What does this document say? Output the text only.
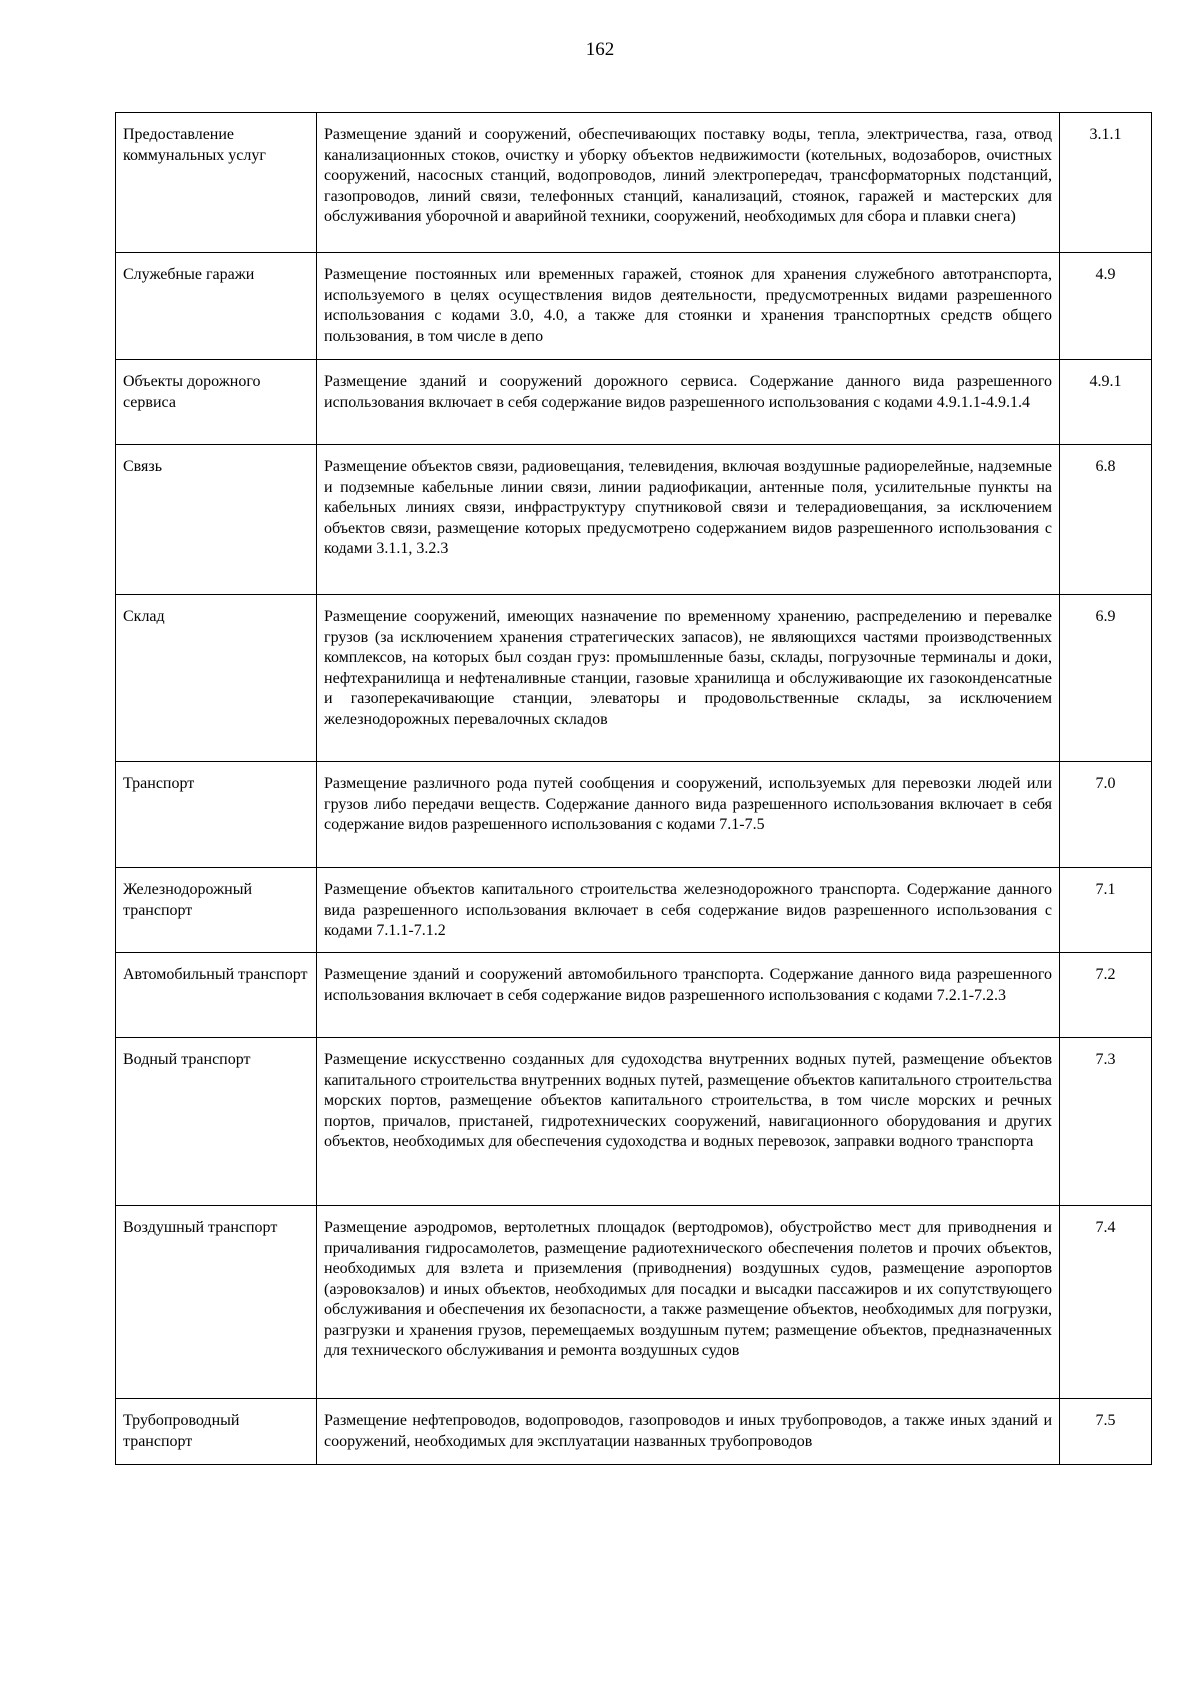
162
Предоставление коммунальных услуг	Размещение зданий и сооружений, обеспечивающих поставку воды, тепла, электричества, газа, отвод канализационных стоков, очистку и уборку объектов недвижимости (котельных, водозаборов, очистных сооружений, насосных станций, водопроводов, линий электропередач, трансформаторных подстанций, газопроводов, линий связи, телефонных станций, канализаций, стоянок, гаражей и мастерских для обслуживания уборочной и аварийной техники, сооружений, необходимых для сбора и плавки снега)	3.1.1
Служебные гаражи	Размещение постоянных или временных гаражей, стоянок для хранения служебного автотранспорта, используемого в целях осуществления видов деятельности, предусмотренных видами разрешенного использования с кодами 3.0, 4.0, а также для стоянки и хранения транспортных средств общего пользования, в том числе в депо	4.9
Объекты дорожного сервиса	Размещение зданий и сооружений дорожного сервиса. Содержание данного вида разрешенного использования включает в себя содержание видов разрешенного использования с кодами 4.9.1.1-4.9.1.4	4.9.1
Связь	Размещение объектов связи, радиовещания, телевидения, включая воздушные радиорелейные, надземные и подземные кабельные линии связи, линии радиофикации, антенные поля, усилительные пункты на кабельных линиях связи, инфраструктуру спутниковой связи и телерадиовещания, за исключением объектов связи, размещение которых предусмотрено содержанием видов разрешенного использования с кодами 3.1.1, 3.2.3	6.8
Склад	Размещение сооружений, имеющих назначение по временному хранению, распределению и перевалке грузов (за исключением хранения стратегических запасов), не являющихся частями производственных комплексов, на которых был создан груз: промышленные базы, склады, погрузочные терминалы и доки, нефтехранилища и нефтеналивные станции, газовые хранилища и обслуживающие их газоконденсатные и газоперекачивающие станции, элеваторы и продовольственные склады, за исключением железнодорожных перевалочных складов	6.9
Транспорт	Размещение различного рода путей сообщения и сооружений, используемых для перевозки людей или грузов либо передачи веществ. Содержание данного вида разрешенного использования включает в себя содержание видов разрешенного использования с кодами 7.1-7.5	7.0
Железнодорожный транспорт	Размещение объектов капитального строительства железнодорожного транспорта. Содержание данного вида разрешенного использования включает в себя содержание видов разрешенного использования с кодами 7.1.1-7.1.2	7.1
Автомобильный транспорт	Размещение зданий и сооружений автомобильного транспорта. Содержание данного вида разрешенного использования включает в себя содержание видов разрешенного использования с кодами 7.2.1-7.2.3	7.2
Водный транспорт	Размещение искусственно созданных для судоходства внутренних водных путей, размещение объектов капитального строительства внутренних водных путей, размещение объектов капитального строительства морских портов, размещение объектов капитального строительства, в том числе морских и речных портов, причалов, пристаней, гидротехнических сооружений, навигационного оборудования и других объектов, необходимых для обеспечения судоходства и водных перевозок, заправки водного транспорта	7.3
Воздушный транспорт	Размещение аэродромов, вертолетных площадок (вертодромов), обустройство мест для приводнения и причаливания гидросамолетов, размещение радиотехнического обеспечения полетов и прочих объектов, необходимых для взлета и приземления (приводнения) воздушных судов, размещение аэропортов (аэровокзалов) и иных объектов, необходимых для посадки и высадки пассажиров и их сопутствующего обслуживания и обеспечения их безопасности, а также размещение объектов, необходимых для погрузки, разгрузки и хранения грузов, перемещаемых воздушным путем; размещение объектов, предназначенных для технического обслуживания и ремонта воздушных судов	7.4
Трубопроводный транспорт	Размещение нефтепроводов, водопроводов, газопроводов и иных трубопроводов, а также иных зданий и сооружений, необходимых для эксплуатации названных трубопроводов	7.5
